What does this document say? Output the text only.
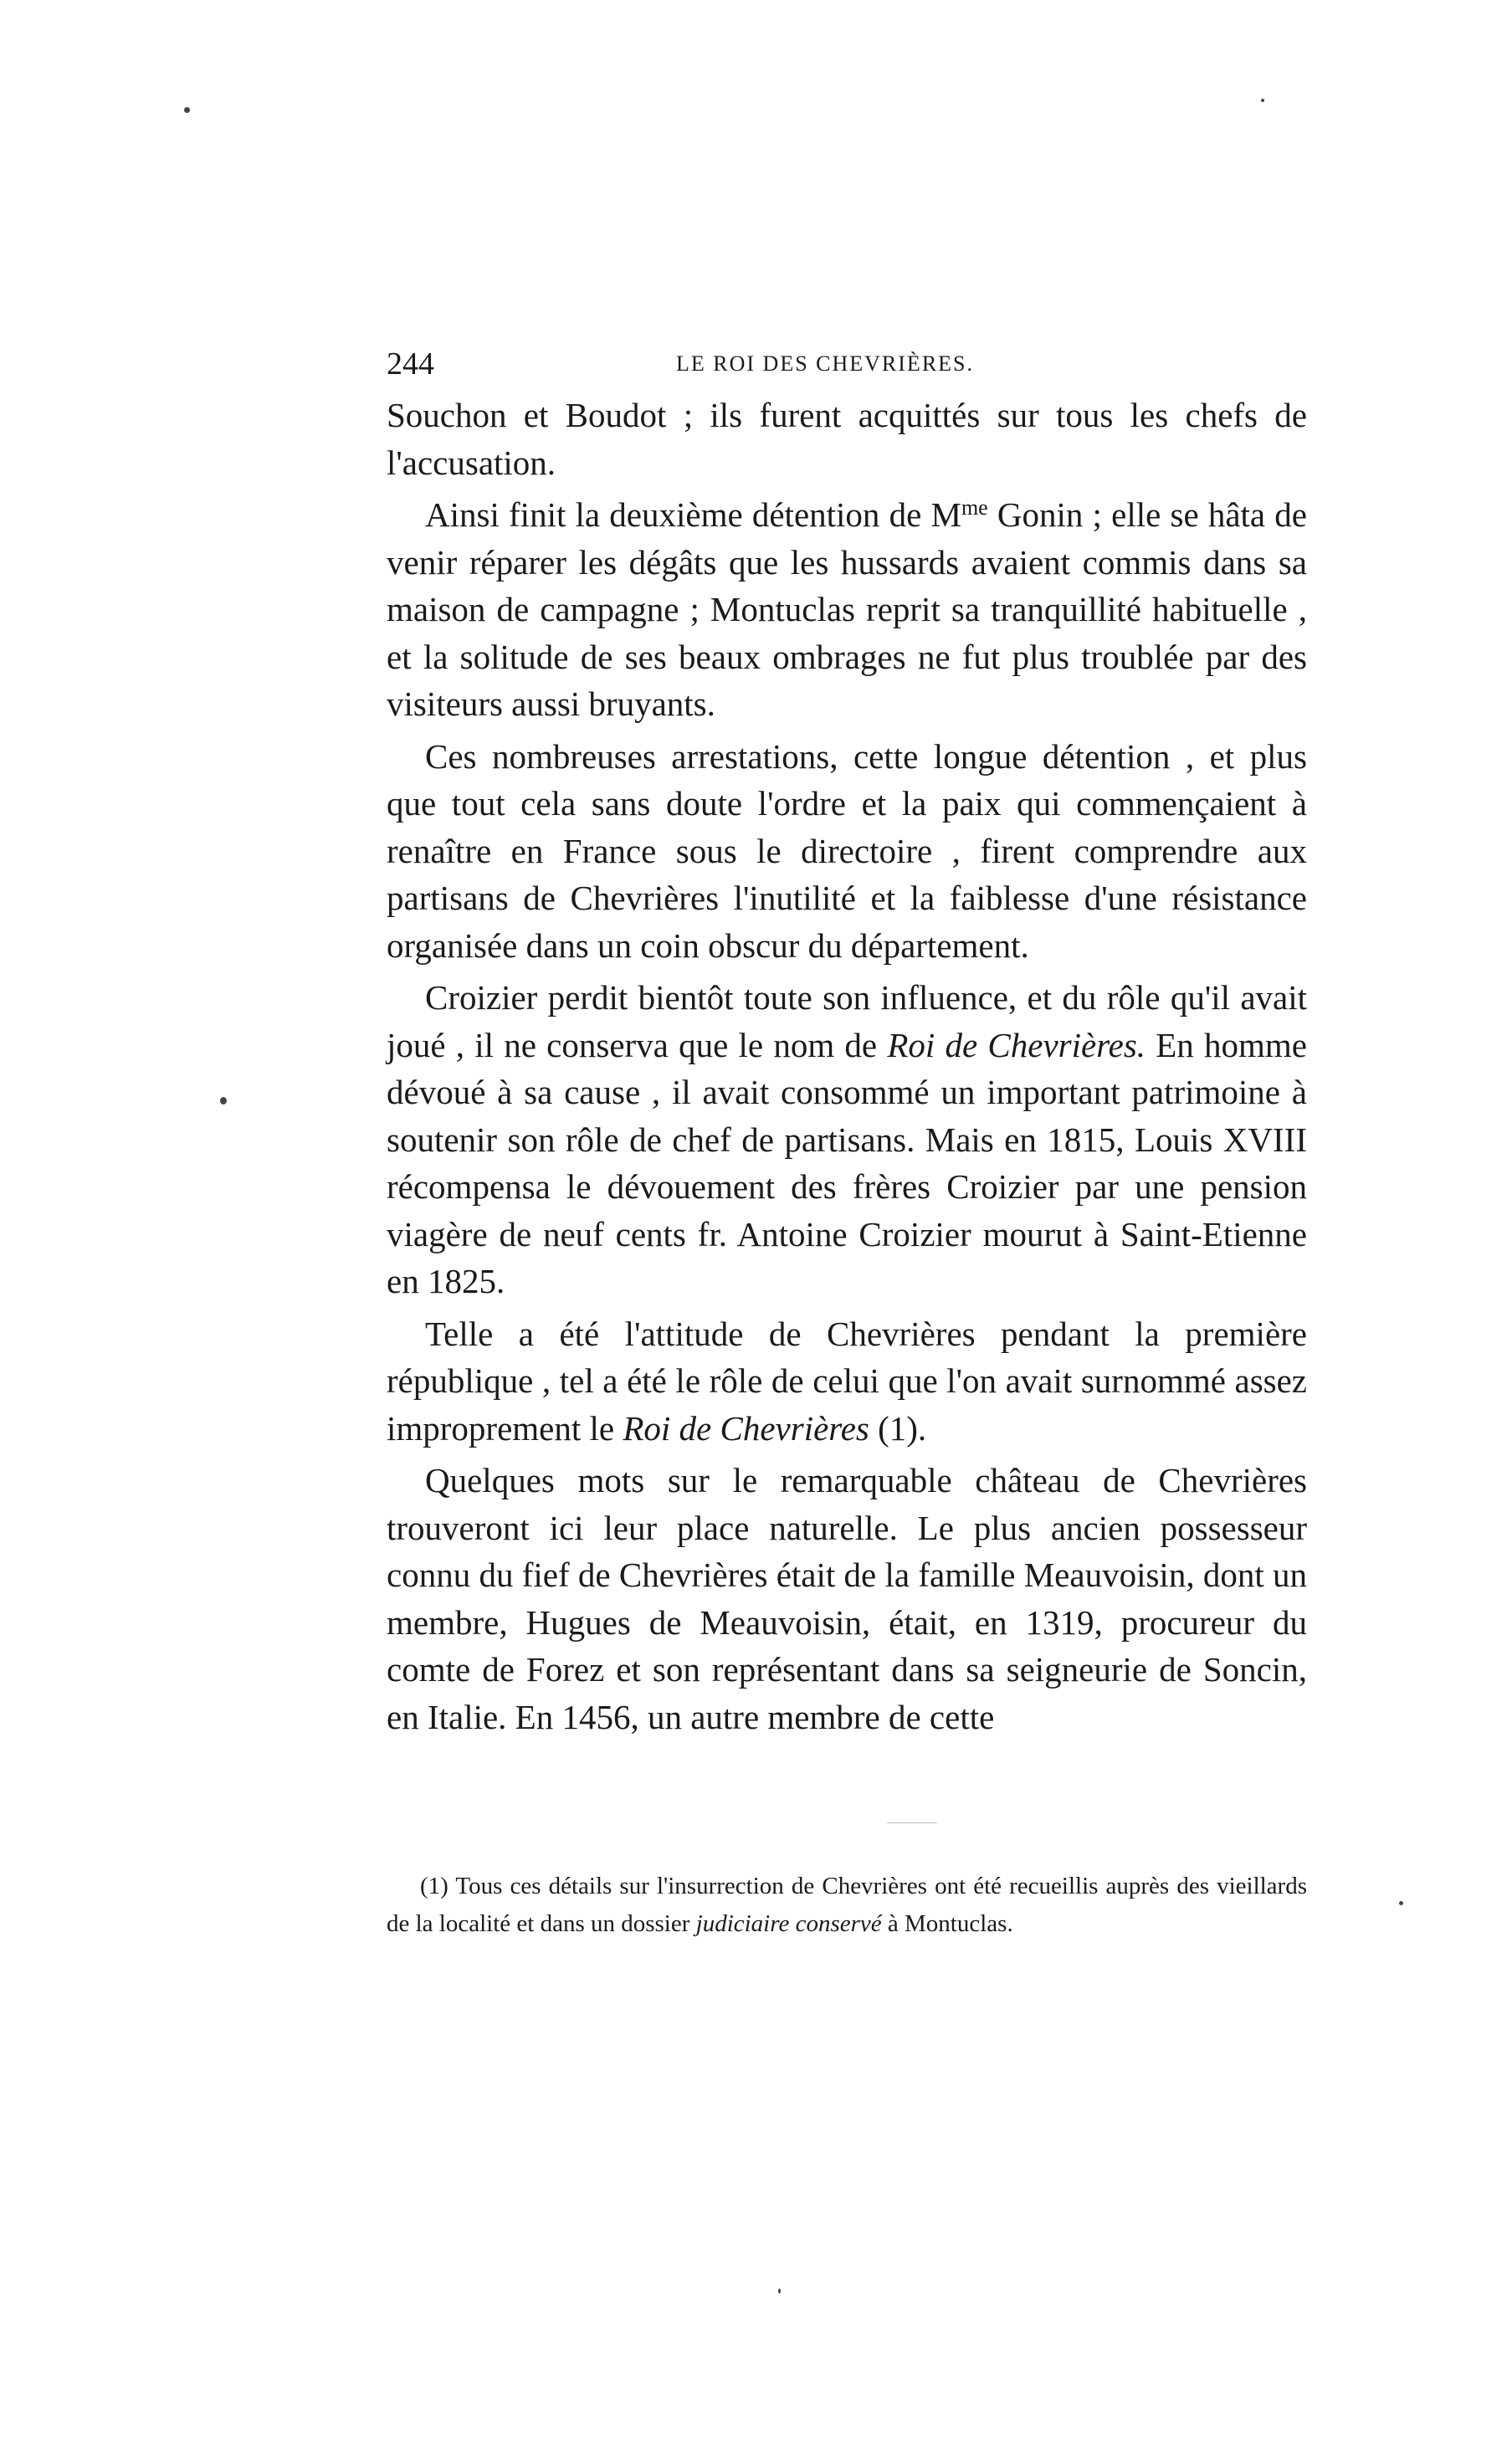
244	LE ROI DES CHEVRIÈRES.

Souchon et Boudot ; ils furent acquittés sur tous les chefs de l'accusation.

Ainsi finit la deuxième détention de $M^{me}$ Gonin ; elle se hâta de venir réparer les dégâts que les hussards avaient commis dans sa maison de campagne ; Montuclas reprit sa tranquillité habituelle , et la solitude de ses beaux ombrages ne fut plus troublée par des visiteurs aussi bruyants.

Ces nombreuses arrestations, cette longue détention , et plus que tout cela sans doute l'ordre et la paix qui commençaient à renaître en France sous le directoire , firent comprendre aux partisans de Chevrières l'inutilité et la faiblesse d'une résistance organisée dans un coin obscur du département.

Croizier perdit bientôt toute son influence, et du rôle qu'il avait joué , il ne conserva que le nom de Roi de Chevrières. En homme dévoué à sa cause , il avait consommé un important patrimoine à soutenir son rôle de chef de partisans. Mais en 1815, Louis XVIII récompensa le dévouement des frères Croizier par une pension viagère de neuf cents fr. Antoine Croizier mourut à Saint-Etienne en 1825.

Telle a été l'attitude de Chevrières pendant la première république , tel a été le rôle de celui que l'on avait surnommé assez improprement le Roi de Chevrières (1).

Quelques mots sur le remarquable château de Chevrières trouveront ici leur place naturelle. Le plus ancien possesseur connu du fief de Chevrières était de la famille Meauvoisin, dont un membre, Hugues de Meauvoisin, était, en 1319, procureur du comte de Forez et son représentant dans sa seigneurie de Soncin, en Italie. En 1456, un autre membre de cette

(1) Tous ces détails sur l'insurrection de Chevrières ont été recueillis auprès des vieillards de la localité et dans un dossier judiciaire conservé à Montuclas.
